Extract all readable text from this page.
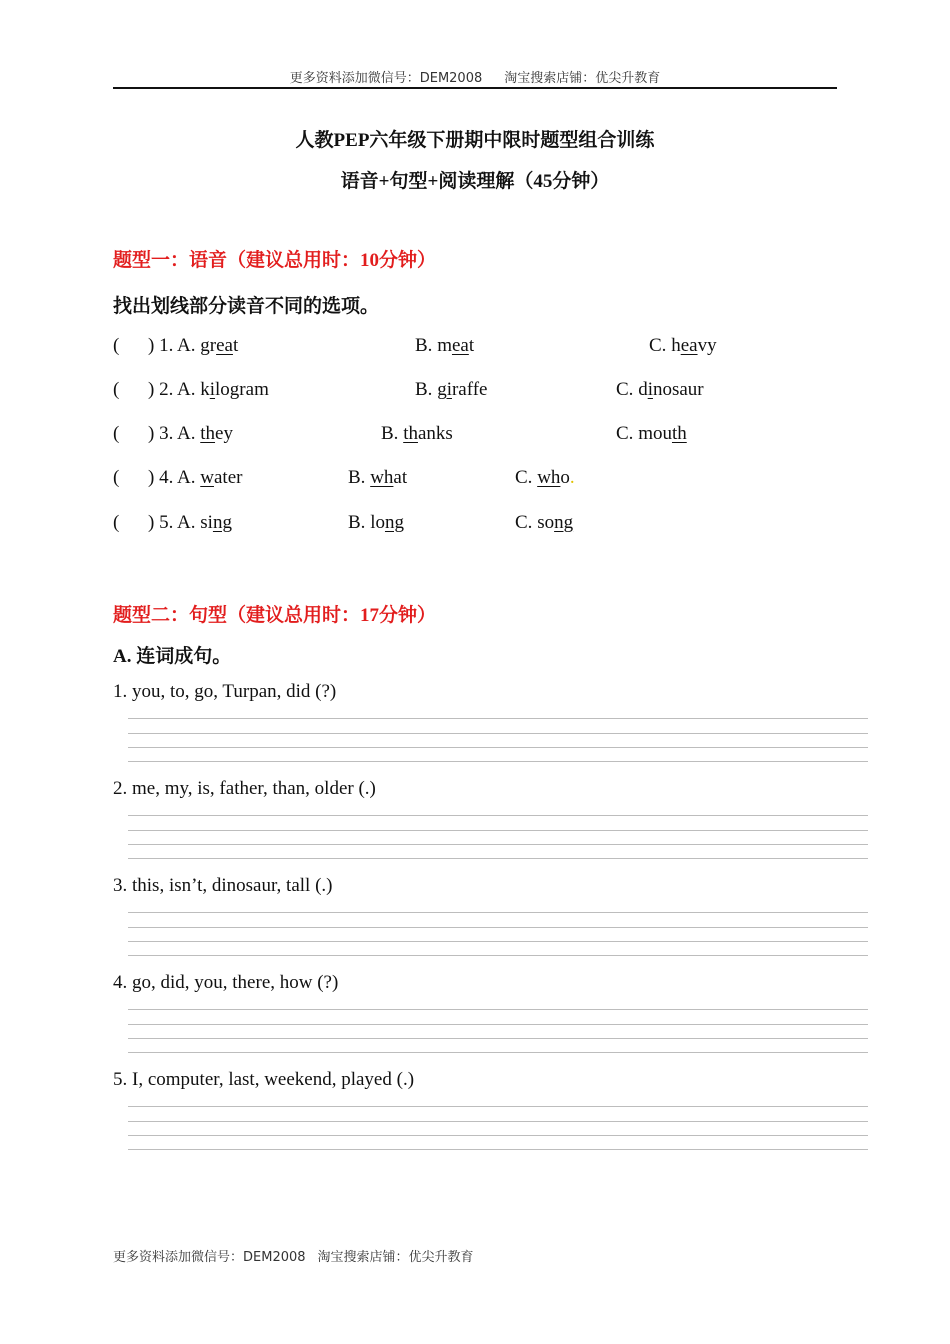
更多资料添加微信号：DEM2008 淘宝搜索店铺：优尖升教育
人教PEP六年级下册期中限时题型组合训练
语音+句型+阅读理解（45分钟）
题型一：语音（建议总用时：10分钟）
找出划线部分读音不同的选项。
( ) 1. A. great	B. meat	C. heavy
( ) 2. A. kilogram	B. giraffe	C. dinosaur
( ) 3. A. they	B. thanks	C. mouth
( ) 4. A. water	B. what	C. who.
( ) 5. A. sing	B. long	C. song
题型二：句型（建议总用时：17分钟）
A. 连词成句。
1. you, to, go, Turpan, did (?)
2. me, my, is, father, than, older (.)
3. this, isn’t, dinosaur, tall (.)
4. go, did, you, there, how (?)
5. I, computer, last, weekend, played (.)
更多资料添加微信号：DEM2008 淘宝搜索店铺：优尖升教育
